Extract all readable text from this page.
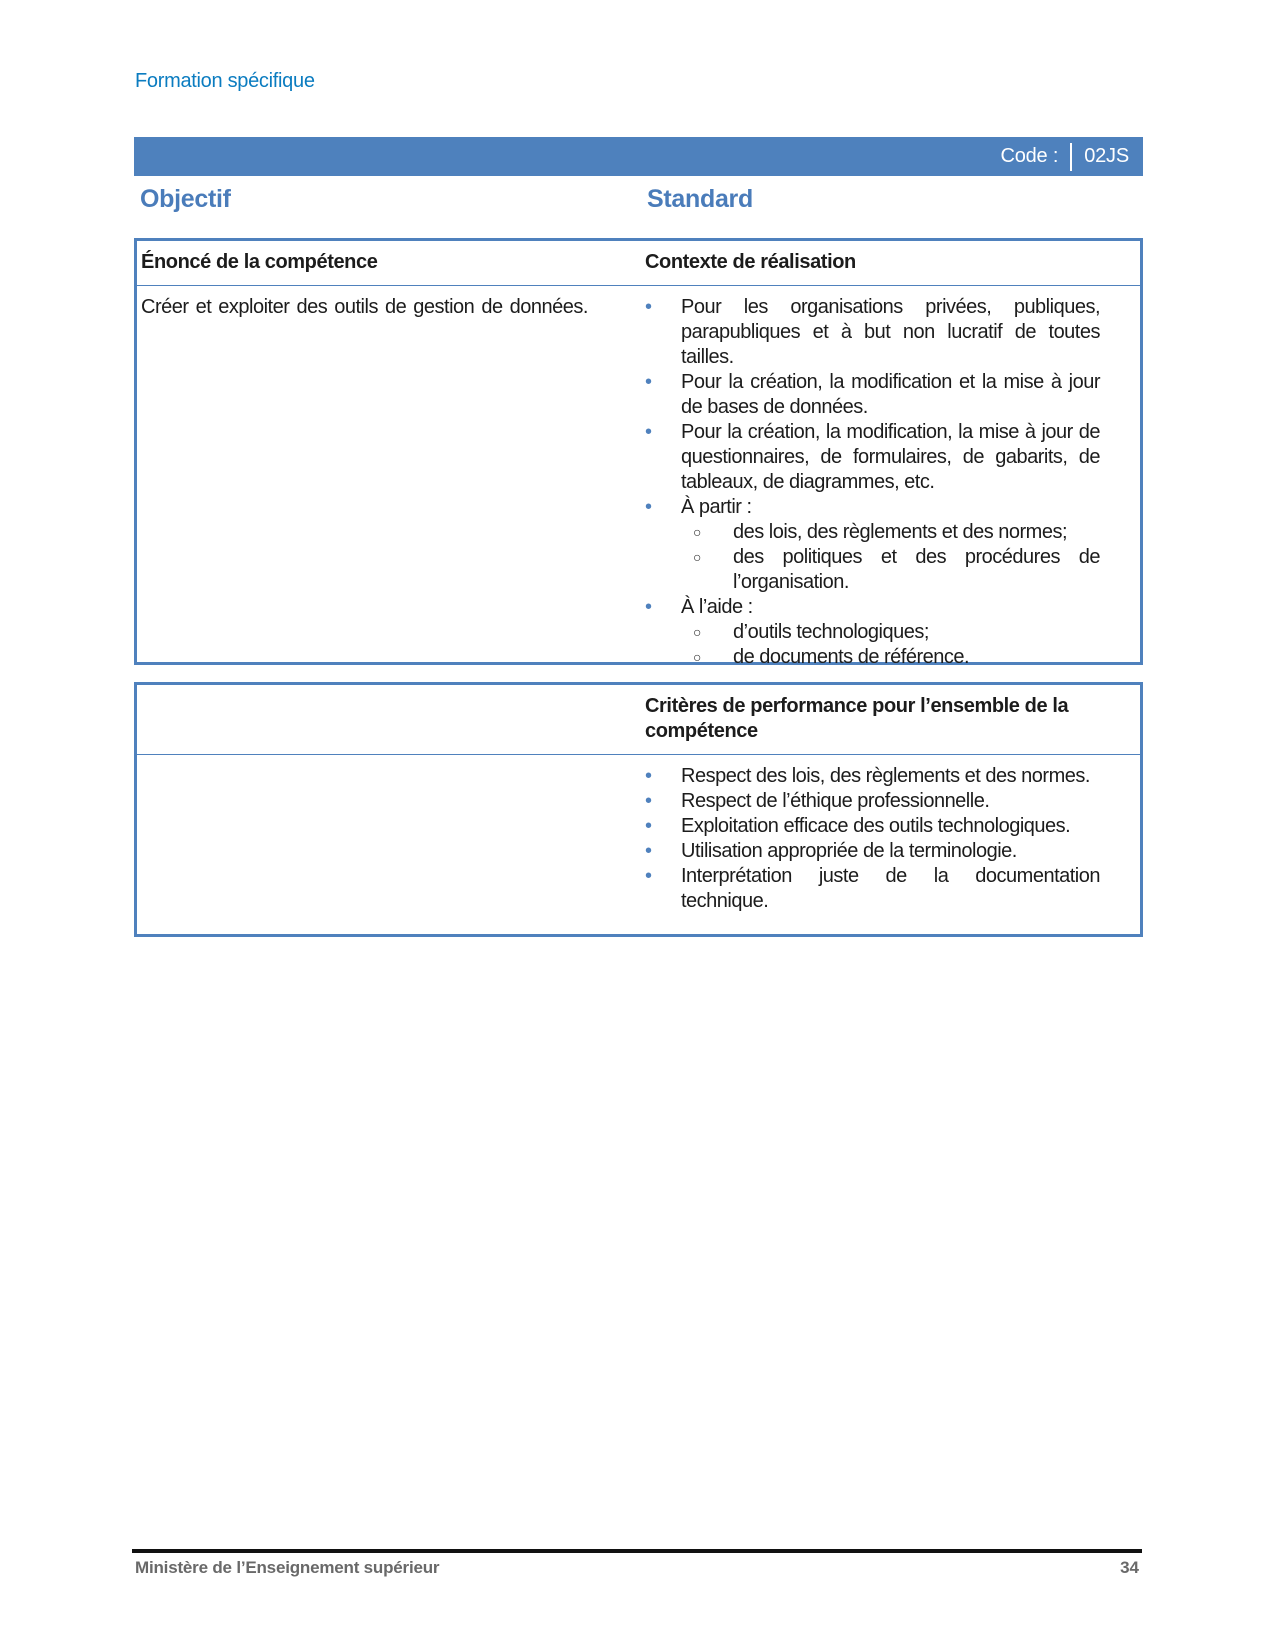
Formation spécifique
Code : 02JS
Objectif	Standard
Énoncé de la compétence	Contexte de réalisation
Créer et exploiter des outils de gestion de données.	•	Pour les organisations privées, publiques, parapubliques et à but non lucratif de toutes tailles.
•	Pour la création, la modification et la mise à jour de bases de données.
•	Pour la création, la modification, la mise à jour de questionnaires, de formulaires, de gabarits, de tableaux, de diagrammes, etc.
•	À partir :
○	des lois, des règlements et des normes;
○	des politiques et des procédures de l’organisation.
•	À l’aide :
○	d’outils technologiques;
○	de documents de référence.
Critères de performance pour l’ensemble de la compétence
•	Respect des lois, des règlements et des normes.
•	Respect de l’éthique professionnelle.
•	Exploitation efficace des outils technologiques.
•	Utilisation appropriée de la terminologie.
•	Interprétation juste de la documentation technique.
Ministère de l’Enseignement supérieur	34
